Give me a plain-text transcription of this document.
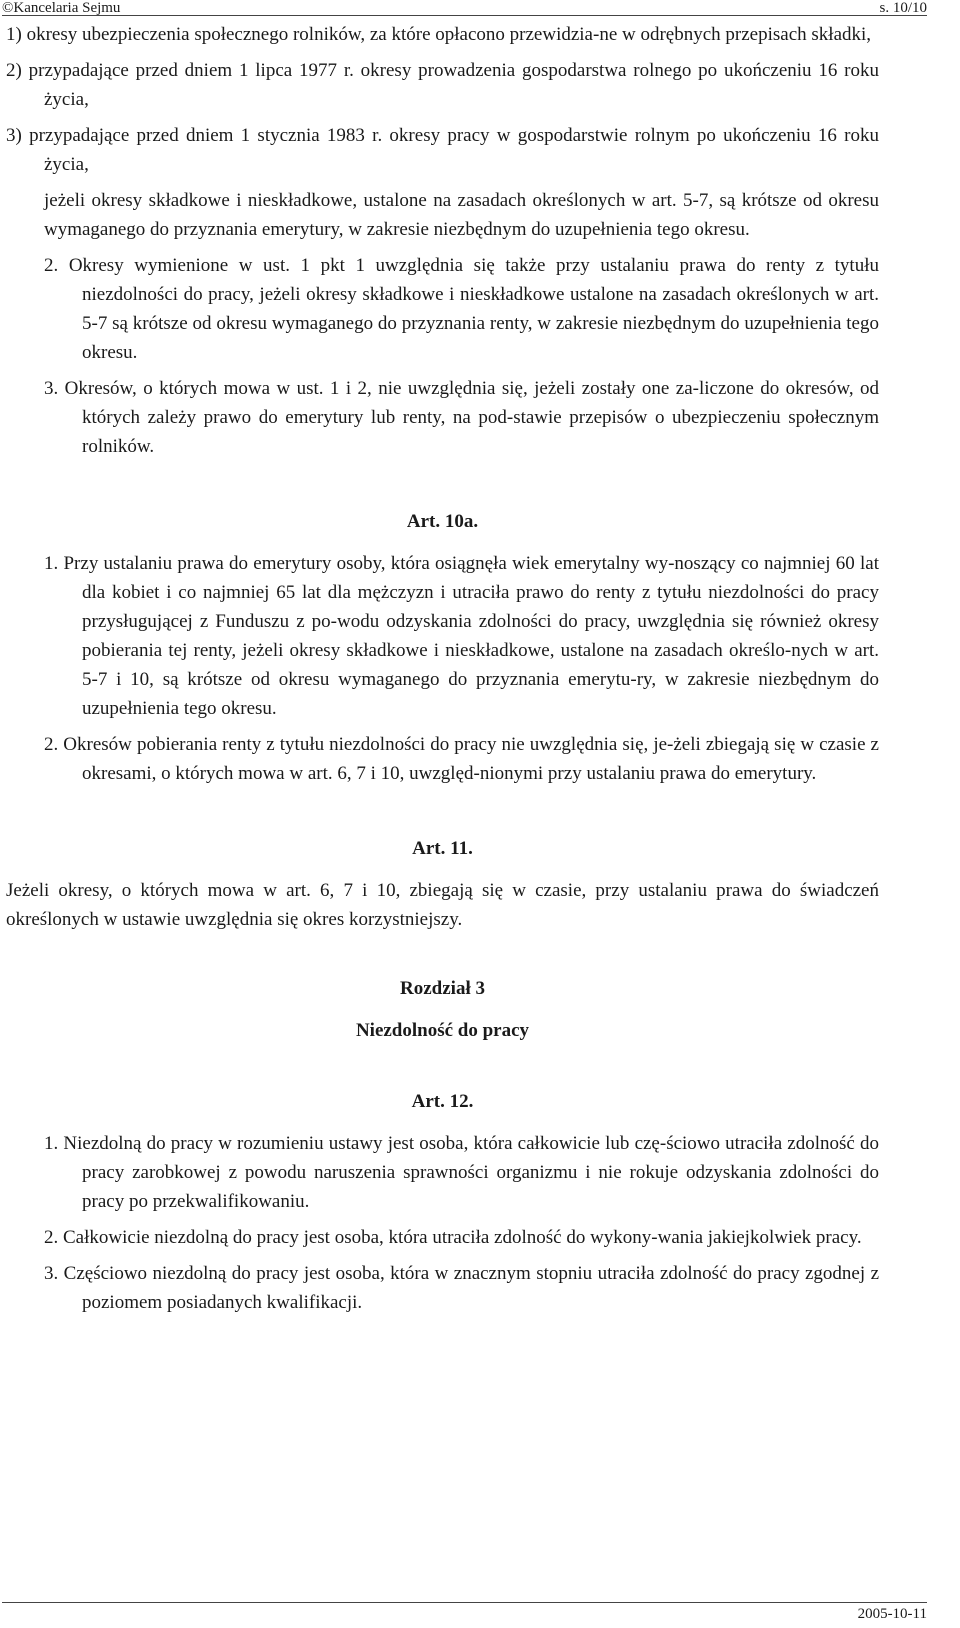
©Kancelaria Sejmu	s. 10/10

1) okresy ubezpieczenia społecznego rolników, za które opłacono przewidzia-ne w odrębnych przepisach składki,

2) przypadające przed dniem 1 lipca 1977 r. okresy prowadzenia gospodarstwa rolnego po ukończeniu 16 roku życia,

3) przypadające przed dniem 1 stycznia 1983 r. okresy pracy w gospodarstwie rolnym po ukończeniu 16 roku życia,

jeżeli okresy składkowe i nieskładkowe, ustalone na zasadach określonych w art. 5-7, są krótsze od okresu wymaganego do przyznania emerytury, w zakresie niezbędnym do uzupełnienia tego okresu.

2. Okresy wymienione w ust. 1 pkt 1 uwzględnia się także przy ustalaniu prawa do renty z tytułu niezdolności do pracy, jeżeli okresy składkowe i nieskładkowe ustalone na zasadach określonych w art. 5-7 są krótsze od okresu wymaganego do przyznania renty, w zakresie niezbędnym do uzupełnienia tego okresu.

3. Okresów, o których mowa w ust. 1 i 2, nie uwzględnia się, jeżeli zostały one za-liczone do okresów, od których zależy prawo do emerytury lub renty, na pod-stawie przepisów o ubezpieczeniu społecznym rolników.

Art. 10a.

1. Przy ustalaniu prawa do emerytury osoby, która osiągnęła wiek emerytalny wy-noszący co najmniej 60 lat dla kobiet i co najmniej 65 lat dla mężczyzn i utraciła prawo do renty z tytułu niezdolności do pracy przysługującej z Funduszu z po-wodu odzyskania zdolności do pracy, uwzględnia się również okresy pobierania tej renty, jeżeli okresy składkowe i nieskładkowe, ustalone na zasadach określo-nych w art. 5-7 i 10, są krótsze od okresu wymaganego do przyznania emerytu-ry, w zakresie niezbędnym do uzupełnienia tego okresu.

2. Okresów pobierania renty z tytułu niezdolności do pracy nie uwzględnia się, je-żeli zbiegają się w czasie z okresami, o których mowa w art. 6, 7 i 10, uwzględ-nionymi przy ustalaniu prawa do emerytury.

Art. 11.

Jeżeli okresy, o których mowa w art. 6, 7 i 10, zbiegają się w czasie, przy ustalaniu prawa do świadczeń określonych w ustawie uwzględnia się okres korzystniejszy.

Rozdział 3

Niezdolność do pracy

Art. 12.

1. Niezdolną do pracy w rozumieniu ustawy jest osoba, która całkowicie lub czę-ściowo utraciła zdolność do pracy zarobkowej z powodu naruszenia sprawności organizmu i nie rokuje odzyskania zdolności do pracy po przekwalifikowaniu.

2. Całkowicie niezdolną do pracy jest osoba, która utraciła zdolność do wykony-wania jakiejkolwiek pracy.

3. Częściowo niezdolną do pracy jest osoba, która w znacznym stopniu utraciła zdolność do pracy zgodnej z poziomem posiadanych kwalifikacji.

2005-10-11
